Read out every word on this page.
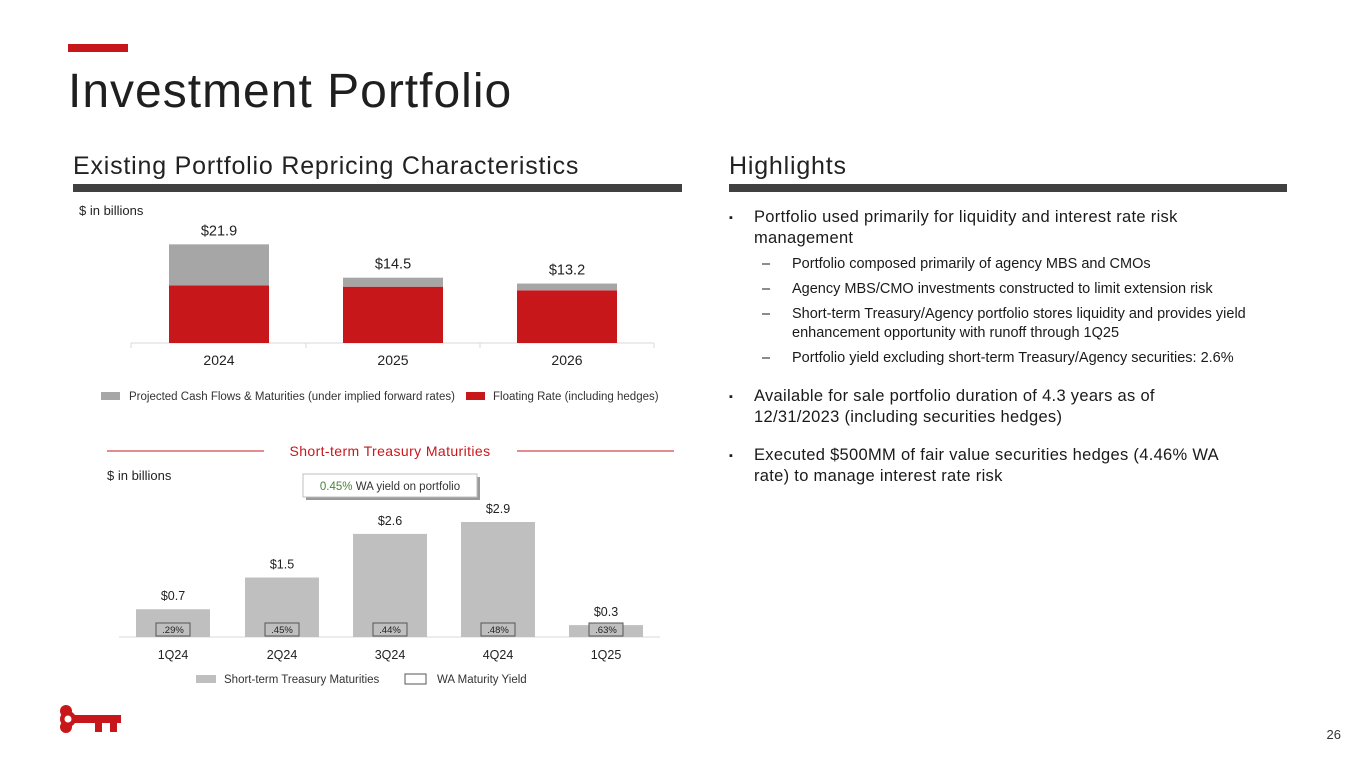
Investment Portfolio
Existing Portfolio Repricing Characteristics	Highlights
$ in billions
$21.9
2024
$14.5
2025
$13.2
2026
Projected Cash Flows & Maturities (under implied forward rates)	Floating Rate (including hedges)
$ in billions
Short-term Treasury Maturities
0.45% WA yield on portfolio
$0.7
.29%
1Q24
$1.5
.45%
2Q24
$2.6
.44%
3Q24
$2.9
.48%
4Q24
$0.3
.63%
1Q25
Short-term Treasury Maturities	WA Maturity Yield
▪	Portfolio used primarily for liquidity and interest rate risk management
–	Portfolio composed primarily of agency MBS and CMOs
–	Agency MBS/CMO investments constructed to limit extension risk
–	Short-term Treasury/Agency portfolio stores liquidity and provides yield enhancement opportunity with runoff through 1Q25
–	Portfolio yield excluding short-term Treasury/Agency securities: 2.6%
▪	Available for sale portfolio duration of 4.3 years as of 12/31/2023 (including securities hedges)
▪	Executed $500MM of fair value securities hedges (4.46% WA rate) to manage interest rate risk
26
